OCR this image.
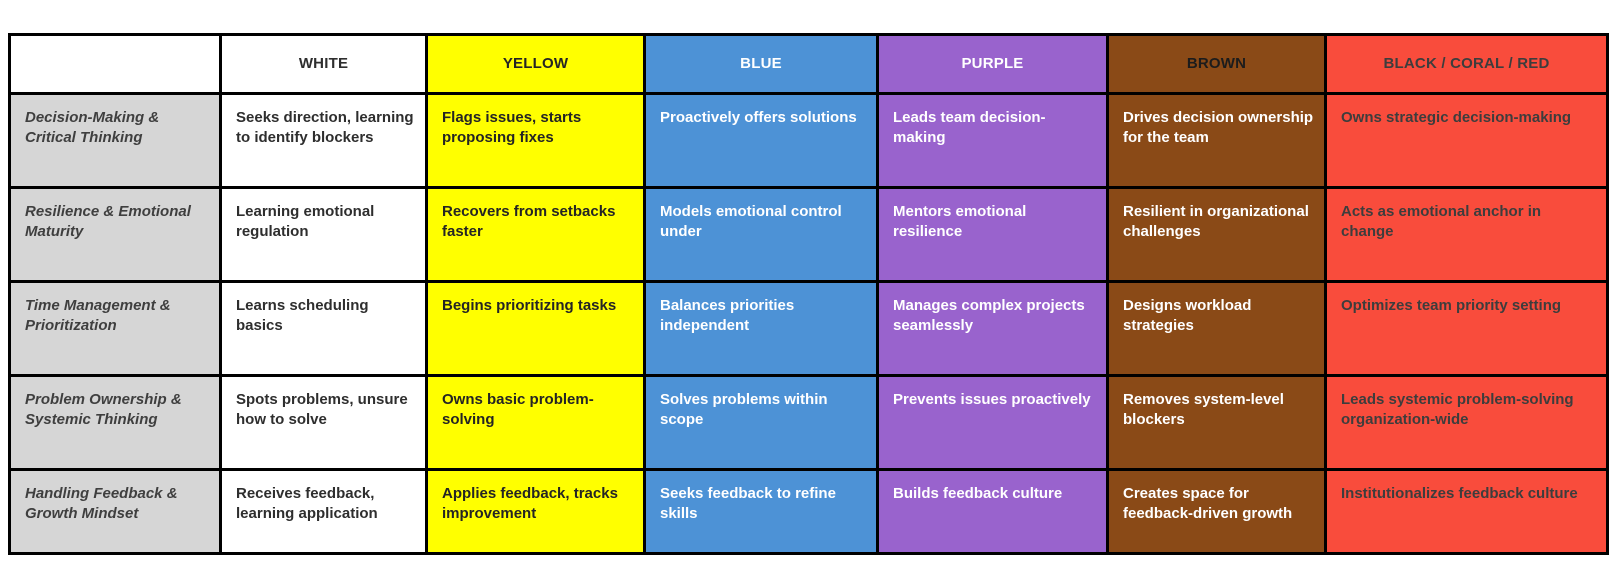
	WHITE	YELLOW	BLUE	PURPLE	BROWN	BLACK / CORAL / RED
Decision-Making & Critical Thinking	Seeks direction, learning to identify blockers	Flags issues, starts proposing fixes	Proactively offers solutions	Leads team decision-making	Drives decision ownership for the team	Owns strategic decision-making
Resilience & Emotional Maturity	Learning emotional regulation	Recovers from setbacks faster	Models emotional control under	Mentors emotional resilience	Resilient in organizational challenges	Acts as emotional anchor in change
Time Management & Prioritization	Learns scheduling basics	Begins prioritizing tasks	Balances priorities independent	Manages complex projects seamlessly	Designs workload strategies	Optimizes team priority setting
Problem Ownership & Systemic Thinking	Spots problems, unsure how to solve	Owns basic problem-solving	Solves problems within scope	Prevents issues proactively	Removes system-level blockers	Leads systemic problem-solving organization-wide
Handling Feedback & Growth Mindset	Receives feedback, learning application	Applies feedback, tracks improvement	Seeks feedback to refine skills	Builds feedback culture	Creates space for feedback-driven growth	Institutionalizes feedback culture
